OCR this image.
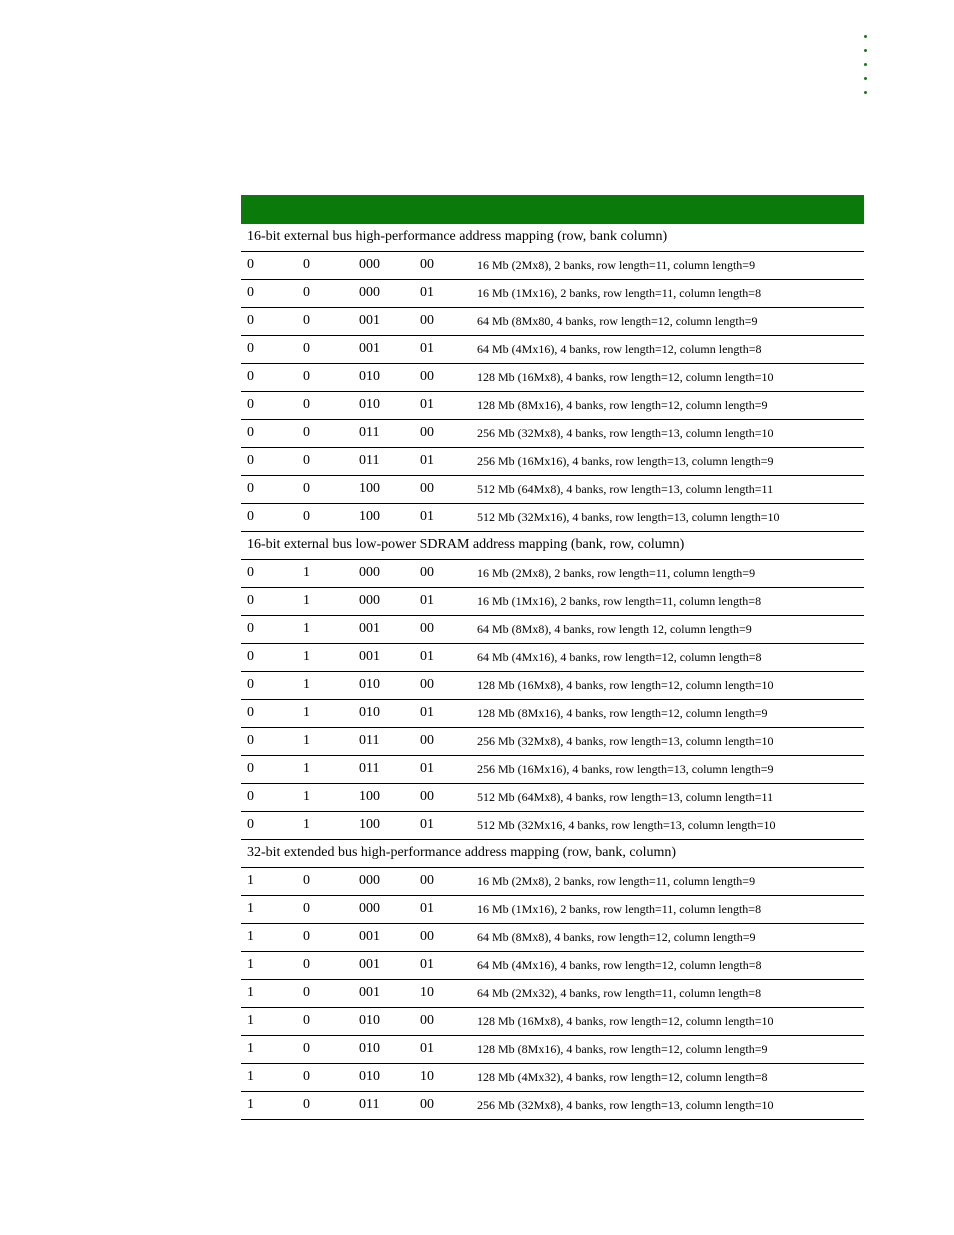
16-bit external bus high-performance address mapping (row, bank column)
0	0	000	00	16 Mb (2Mx8), 2 banks, row length=11, column length=9
0	0	000	01	16 Mb (1Mx16), 2 banks, row length=11, column length=8
0	0	001	00	64 Mb (8Mx80, 4 banks, row length=12, column length=9
0	0	001	01	64 Mb (4Mx16), 4 banks, row length=12, column length=8
0	0	010	00	128 Mb (16Mx8), 4 banks, row length=12, column length=10
0	0	010	01	128 Mb (8Mx16), 4 banks, row length=12, column length=9
0	0	011	00	256 Mb (32Mx8), 4 banks, row length=13, column length=10
0	0	011	01	256 Mb (16Mx16), 4 banks, row length=13, column length=9
0	0	100	00	512 Mb (64Mx8), 4 banks, row length=13, column length=11
0	0	100	01	512 Mb (32Mx16), 4 banks, row length=13, column length=10
16-bit external bus low-power SDRAM address mapping (bank, row, column)
0	1	000	00	16 Mb (2Mx8), 2 banks, row length=11, column length=9
0	1	000	01	16 Mb (1Mx16), 2 banks, row length=11, column length=8
0	1	001	00	64 Mb (8Mx8), 4 banks, row length 12, column length=9
0	1	001	01	64 Mb (4Mx16), 4 banks, row length=12, column length=8
0	1	010	00	128 Mb (16Mx8), 4 banks, row length=12, column length=10
0	1	010	01	128 Mb (8Mx16), 4 banks, row length=12, column length=9
0	1	011	00	256 Mb (32Mx8), 4 banks, row length=13, column length=10
0	1	011	01	256 Mb (16Mx16), 4 banks, row length=13, column length=9
0	1	100	00	512 Mb (64Mx8), 4 banks, row length=13, column length=11
0	1	100	01	512 Mb (32Mx16, 4 banks, row length=13, column length=10
32-bit extended bus high-performance address mapping (row, bank, column)
1	0	000	00	16 Mb (2Mx8), 2 banks, row length=11, column length=9
1	0	000	01	16 Mb (1Mx16), 2 banks, row length=11, column length=8
1	0	001	00	64 Mb (8Mx8), 4 banks, row length=12, column length=9
1	0	001	01	64 Mb (4Mx16), 4 banks, row length=12, column length=8
1	0	001	10	64 Mb (2Mx32), 4 banks, row length=11, column length=8
1	0	010	00	128 Mb (16Mx8), 4 banks, row length=12, column length=10
1	0	010	01	128 Mb (8Mx16), 4 banks, row length=12, column length=9
1	0	010	10	128 Mb (4Mx32), 4 banks, row length=12, column length=8
1	0	011	00	256 Mb (32Mx8), 4 banks, row length=13, column length=10
